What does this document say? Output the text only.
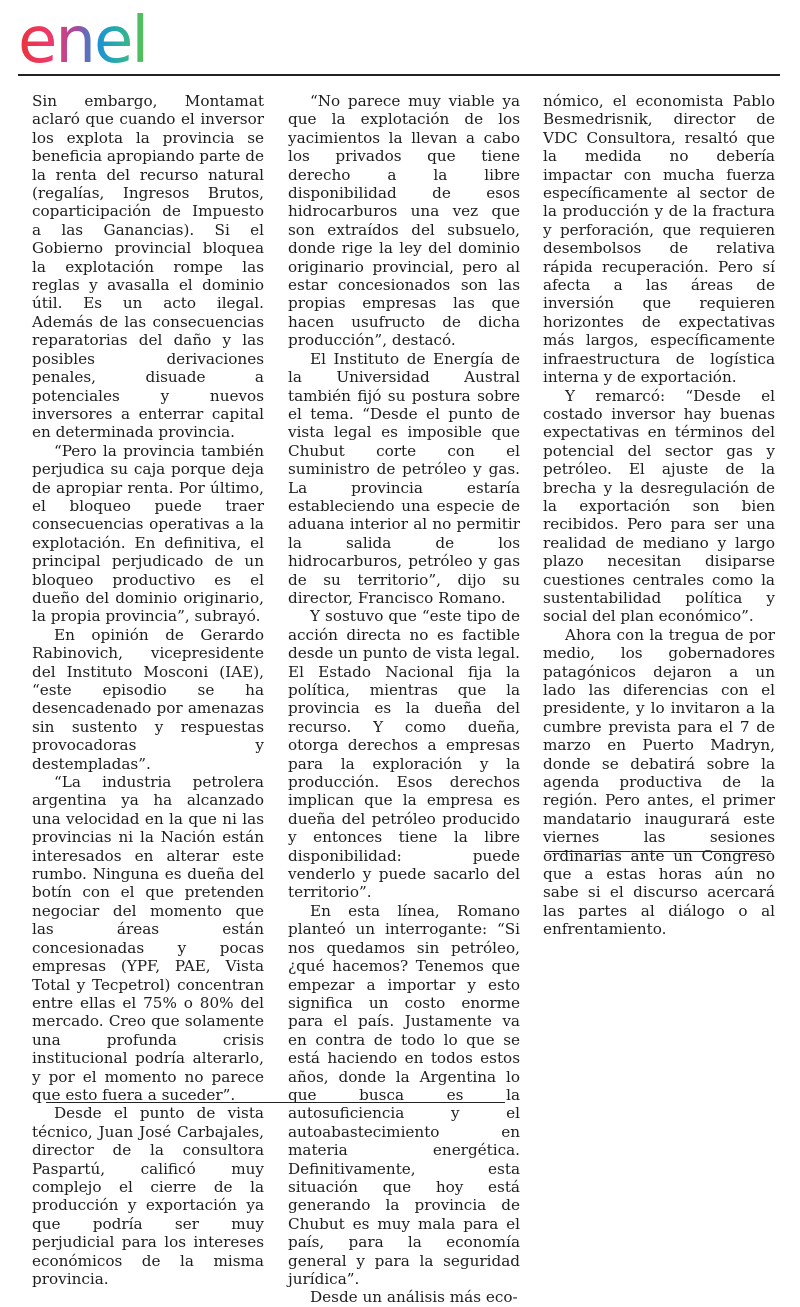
enel

Sin embargo, Montamat aclaró que cuando el inversor los explota la provincia se beneficia apropiando parte de la renta del recurso natural (regalías, Ingresos Brutos, coparticipación de Impuesto a las Ganancias). Si el Gobierno provincial bloquea la explotación rompe las reglas y avasalla el dominio útil. Es un acto ilegal. Además de las consecuencias reparatorias del daño y las posibles derivaciones penales, disuade a potenciales y nuevos inversores a enterrar capital en determinada provincia.

“Pero la provincia también perjudica su caja porque deja de apropiar renta. Por último, el bloqueo puede traer consecuencias operativas a la explotación. En definitiva, el principal perjudicado de un bloqueo productivo es el dueño del dominio originario, la propia provincia”, subrayó.

En opinión de Gerardo Rabinovich, vicepresidente del Instituto Mosconi (IAE), “este episodio se ha desencadenado por amenazas sin sustento y respuestas provocadoras y destempladas”.

“La industria petrolera argentina ya ha alcanzado una velocidad en la que ni las provincias ni la Nación están interesados en alterar este rumbo. Ninguna es dueña del botín con el que pretenden negociar del momento que las áreas están concesionadas y pocas empresas (YPF, PAE, Vista Total y Tecpetrol) concentran entre ellas el 75% o 80% del mercado. Creo que solamente una profunda crisis institucional podría alterarlo, y por el momento no parece que esto fuera a suceder”.

Desde el punto de vista técnico, Juan José Carbajales, director de la consultora Paspartú, calificó muy complejo el cierre de la producción y exportación ya que podría ser muy perjudicial para los intereses económicos de la misma provincia.

“No parece muy viable ya que la explotación de los yacimientos la llevan a cabo los privados que tiene derecho a la libre disponibilidad de esos hidrocarburos una vez que son extraídos del subsuelo, donde rige la ley del dominio originario provincial, pero al estar concesionados son las propias empresas las que hacen usufructo de dicha producción”, destacó.

El Instituto de Energía de la Universidad Austral también fijó su postura sobre el tema. “Desde el punto de vista legal es imposible que Chubut corte con el suministro de petróleo y gas. La provincia estaría estableciendo una especie de aduana interior al no permitir la salida de los hidrocarburos, petróleo y gas de su territorio”, dijo su director, Francisco Romano.

Y sostuvo que “este tipo de acción directa no es factible desde un punto de vista legal. El Estado Nacional fija la política, mientras que la provincia es la dueña del recurso. Y como dueña, otorga derechos a empresas para la exploración y la producción. Esos derechos implican que la empresa es dueña del petróleo producido y entonces tiene la libre disponibilidad: puede venderlo y puede sacarlo del territorio”.

En esta línea, Romano planteó un interrogante: “Si nos quedamos sin petróleo, ¿qué hacemos? Tenemos que empezar a importar y esto significa un costo enorme para el país. Justamente va en contra de todo lo que se está haciendo en todos estos años, donde la Argentina lo que busca es la autosuficiencia y el autoabastecimiento en materia energética. Definitivamente, esta situación que hoy está generando la provincia de Chubut es muy mala para el país, para la economía general y para la seguridad jurídica”.

Desde un análisis más eco-

nómico, el economista Pablo Besmedrisnik, director de VDC Consultora, resaltó que la medida no debería impactar con mucha fuerza específicamente al sector de la producción y de la fractura y perforación, que requieren desembolsos de relativa rápida recuperación. Pero sí afecta a las áreas de inversión que requieren horizontes de expectativas más largos, específicamente infraestructura de logística interna y de exportación.

Y remarcó: “Desde el costado inversor hay buenas expectativas en términos del potencial del sector gas y petróleo. El ajuste de la brecha y la desregulación de la exportación son bien recibidos. Pero para ser una realidad de mediano y largo plazo necesitan disiparse cuestiones centrales como la sustentabilidad política y social del plan económico”.

Ahora con la tregua de por medio, los gobernadores patagónicos dejaron a un lado las diferencias con el presidente, y lo invitaron a la cumbre prevista para el 7 de marzo en Puerto Madryn, donde se debatirá sobre la agenda productiva de la región. Pero antes, el primer mandatario inaugurará este viernes las sesiones ordinarias ante un Congreso que a estas horas aún no sabe si el discurso acercará las partes al diálogo o al enfrentamiento.
